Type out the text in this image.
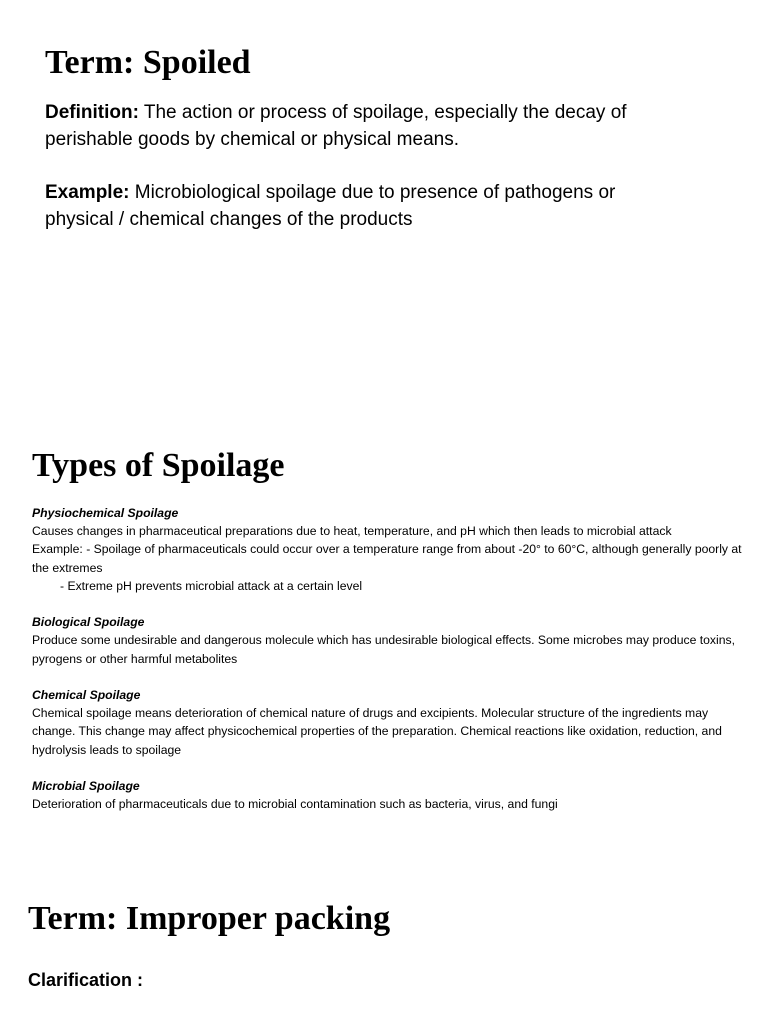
Term: Spoiled

Definition: The action or process of spoilage, especially the decay of perishable goods by chemical or physical means.

Example: Microbiological spoilage due to presence of pathogens or physical / chemical changes of the products

Types of Spoilage
Physiochemical Spoilage
Causes changes in pharmaceutical preparations due to heat, temperature, and pH which then leads to microbial attack
Example: - Spoilage of pharmaceuticals could occur over a temperature range from about -20° to 60°C, although generally poorly at the extremes
- Extreme pH prevents microbial attack at a certain level
Biological Spoilage
Produce some undesirable and dangerous molecule which has undesirable biological effects. Some microbes may produce toxins, pyrogens or other harmful metabolites
Chemical Spoilage
Chemical spoilage means deterioration of chemical nature of drugs and excipients. Molecular structure of the ingredients may change. This change may affect physicochemical properties of the preparation. Chemical reactions like oxidation, reduction, and hydrolysis leads to spoilage
Microbial Spoilage
Deterioration of pharmaceuticals due to microbial contamination such as bacteria, virus, and fungi
Term: Improper packing

Clarification :
